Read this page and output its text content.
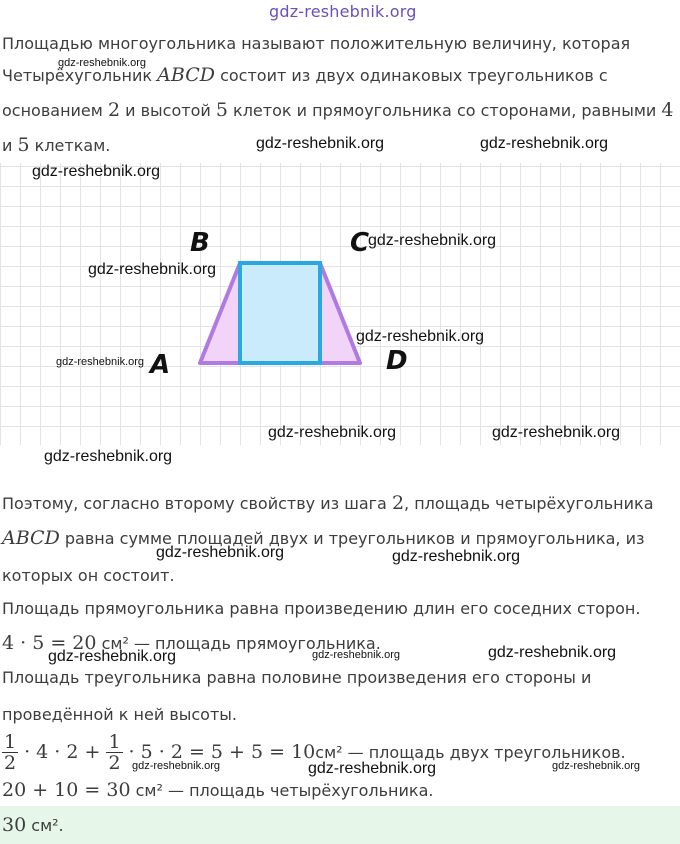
gdz-reshebnik.org
Площадью многоугольника называют положительную величину, которая
Четырёхугольник ABCD состоит из двух одинаковых треугольников с
gdz-reshebnik.org
основанием 2 и высотой 5 клеток и прямоугольника со сторонами, равными 4
и 5 клеткам.	gdz-reshebnik.org	gdz-reshebnik.org
B	C
A	D
gdz-reshebnik.org
gdz-reshebnik.org
gdz-reshebnik.org
gdz-reshebnik.org
gdz-reshebnik.org
gdz-reshebnik.org	gdz-reshebnik.org
gdz-reshebnik.org
Поэтому, согласно второму свойству из шага 2, площадь четырёхугольника
ABCD равна сумме площадей двух и треугольников и прямоугольника, из
gdz-reshebnik.org	gdz-reshebnik.org
которых он состоит.
Площадь прямоугольника равна произведению длин его соседних сторон.
4 · 5 = 20 см² — площадь прямоугольника.
gdz-reshebnik.org	gdz-reshebnik.org	gdz-reshebnik.org
Площадь треугольника равна половине произведения его стороны и
проведённой к ней высоты.
$\frac{1}{2} \cdot 4 \cdot 2 + \frac{1}{2} \cdot 5 \cdot 2 = 5 + 5 = 10$ см² — площадь двух треугольников.
gdz-reshebnik.org	gdz-reshebnik.org	gdz-reshebnik.org
20 + 10 = 30 см² — площадь четырёхугольника.
30 см².
